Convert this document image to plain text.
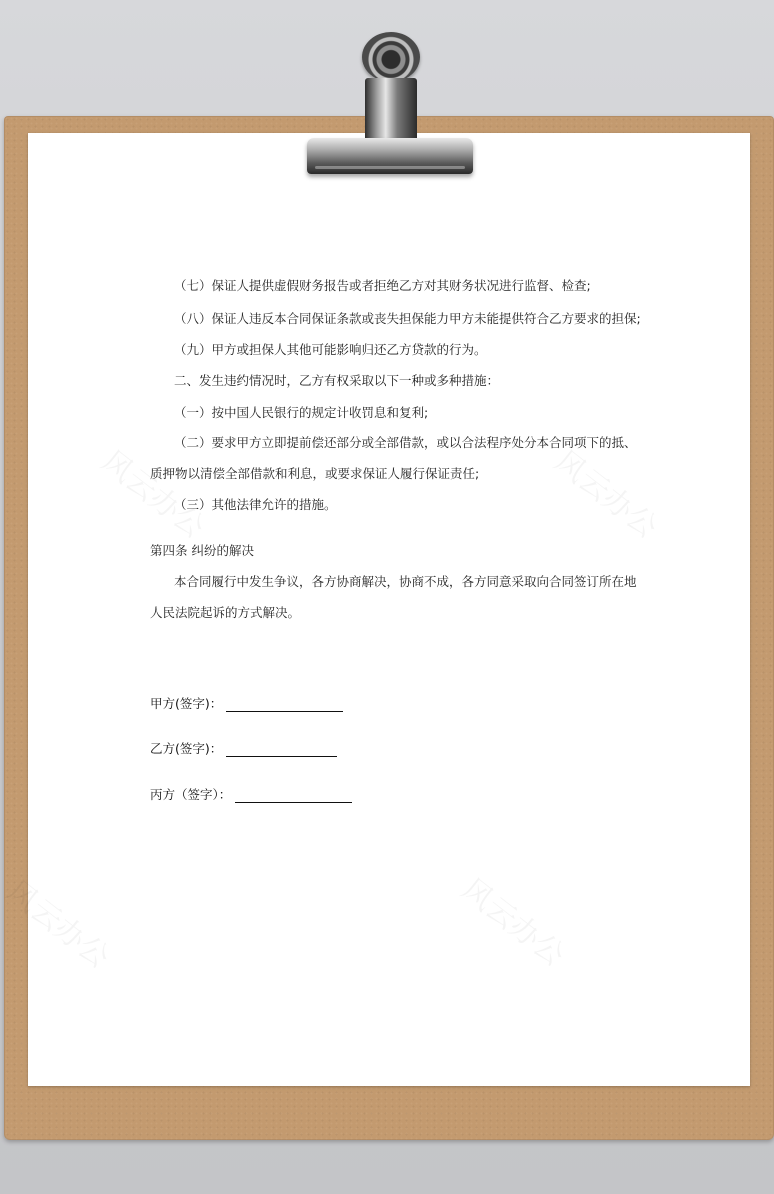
（七）保证人提供虚假财务报告或者拒绝乙方对其财务状况进行监督、检查;
（八）保证人违反本合同保证条款或丧失担保能力甲方未能提供符合乙方要求的担保;
（九）甲方或担保人其他可能影响归还乙方贷款的行为。
二、发生违约情况时，乙方有权采取以下一种或多种措施：
（一）按中国人民银行的规定计收罚息和复利;
（二）要求甲方立即提前偿还部分或全部借款，或以合法程序处分本合同项下的抵、
质押物以清偿全部借款和利息，或要求保证人履行保证责任;
（三）其他法律允许的措施。
第四条 纠纷的解决
本合同履行中发生争议，各方协商解决，协商不成，各方同意采取向合同签订所在地
人民法院起诉的方式解决。
甲方(签字)：
乙方(签字)：
丙方（签字）：
